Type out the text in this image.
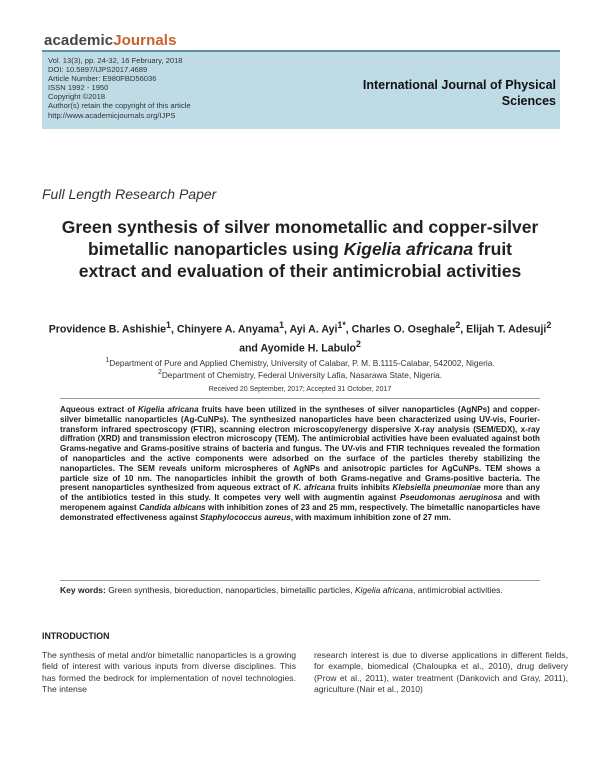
academicJournals
Vol. 13(3), pp. 24-32, 16 February, 2018
DOI: 10.5897/IJPS2017.4689
Article Number: E980FBD56036
ISSN 1992 - 1950
Copyright ©2018
Author(s) retain the copyright of this article
http://www.academicjournals.org/IJPS
International Journal of Physical Sciences
Full Length Research Paper
Green synthesis of silver monometallic and copper-silver bimetallic nanoparticles using Kigelia africana fruit extract and evaluation of their antimicrobial activities
Providence B. Ashishie$^1$, Chinyere A. Anyama$^1$, Ayi A. Ayi$^{1*}$, Charles O. Oseghale$^2$, Elijah T. Adesuji$^2$ and Ayomide H. Labulo$^2$
$^1$Department of Pure and Applied Chemistry, University of Calabar, P. M. B.1115-Calabar, 542002, Nigeria.
$^2$Department of Chemistry, Federal University Lafia, Nasarawa State, Nigeria.
Received 20 September, 2017; Accepted 31 October, 2017
Aqueous extract of Kigelia africana fruits have been utilized in the syntheses of silver nanoparticles (AgNPs) and copper-silver bimetallic nanoparticles (Ag-CuNPs). The synthesized nanoparticles have been characterized using UV-vis, Fourier-transform infrared spectroscopy (FTIR), scanning electron microscopy/energy dispersive X-ray analysis (SEM/EDX), x-ray diffration (XRD) and transmission electron microscopy (TEM). The antimicrobial activities have been evaluated against both Grams-negative and Grams-positive strains of bacteria and fungus. The UV-vis and FTIR techniques revealed the formation of nanoparticles and the active components were adsorbed on the surface of the particles thereby stabilizing the nanoparticles. The SEM reveals uniform microspheres of AgNPs and anisotropic particles for AgCuNPs. TEM shows a particle size of 10 nm. The nanoparticles inhibit the growth of both Grams-negative and Grams-positive bacteria. The present nanoparticles synthesized from aqueous extract of K. africana fruits inhibits Klebsiella pneumoniae more than any of the antibiotics tested in this study. It competes very well with augmentin against Pseudomonas aeruginosa and with meropenem against Candida albicans with inhibition zones of 23 and 25 mm, respectively. The bimetallic nanoparticles have demonstrated effectiveness against Staphylococcus aureus, with maximum inhibition zone of 27 mm.
Key words: Green synthesis, bioreduction, nanoparticles, bimetallic particles, Kigelia africana, antimicrobial activities.
INTRODUCTION
The synthesis of metal and/or bimetallic nanoparticles is a growing field of interest with various inputs from diverse disciplines. This has formed the bedrock for implementation of novel technologies. The intense
research interest is due to diverse applications in different fields, for example, biomedical (Chaloupka et al., 2010), drug delivery (Prow et al., 2011), water treatment (Dankovich and Gray, 2011), agriculture (Nair et al., 2010)
